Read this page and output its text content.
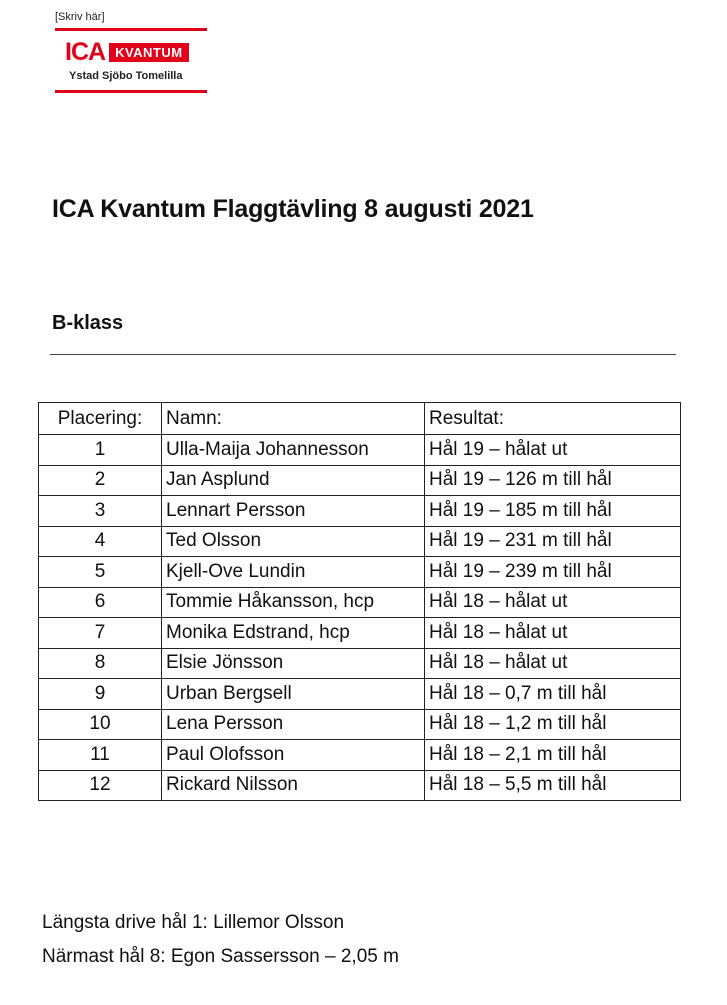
[Skriv här]
ICA KVANTUM
Ystad Sjöbo Tomelilla
ICA Kvantum Flaggtävling 8 augusti 2021
B-klass
Placering:	Namn:	Resultat:
1	Ulla-Maija Johannesson	Hål 19 – hålat ut
2	Jan Asplund	Hål 19 – 126 m till hål
3	Lennart Persson	Hål 19 – 185 m till hål
4	Ted Olsson	Hål 19 – 231 m till hål
5	Kjell-Ove Lundin	Hål 19 – 239 m till hål
6	Tommie Håkansson, hcp	Hål 18 – hålat ut
7	Monika Edstrand, hcp	Hål 18 – hålat ut
8	Elsie Jönsson	Hål 18 – hålat ut
9	Urban Bergsell	Hål 18 – 0,7 m till hål
10	Lena Persson	Hål 18 – 1,2 m till hål
11	Paul Olofsson	Hål 18 – 2,1 m till hål
12	Rickard Nilsson	Hål 18 – 5,5 m till hål
Längsta drive hål 1: Lillemor Olsson
Närmast hål 8: Egon Sassersson – 2,05 m
